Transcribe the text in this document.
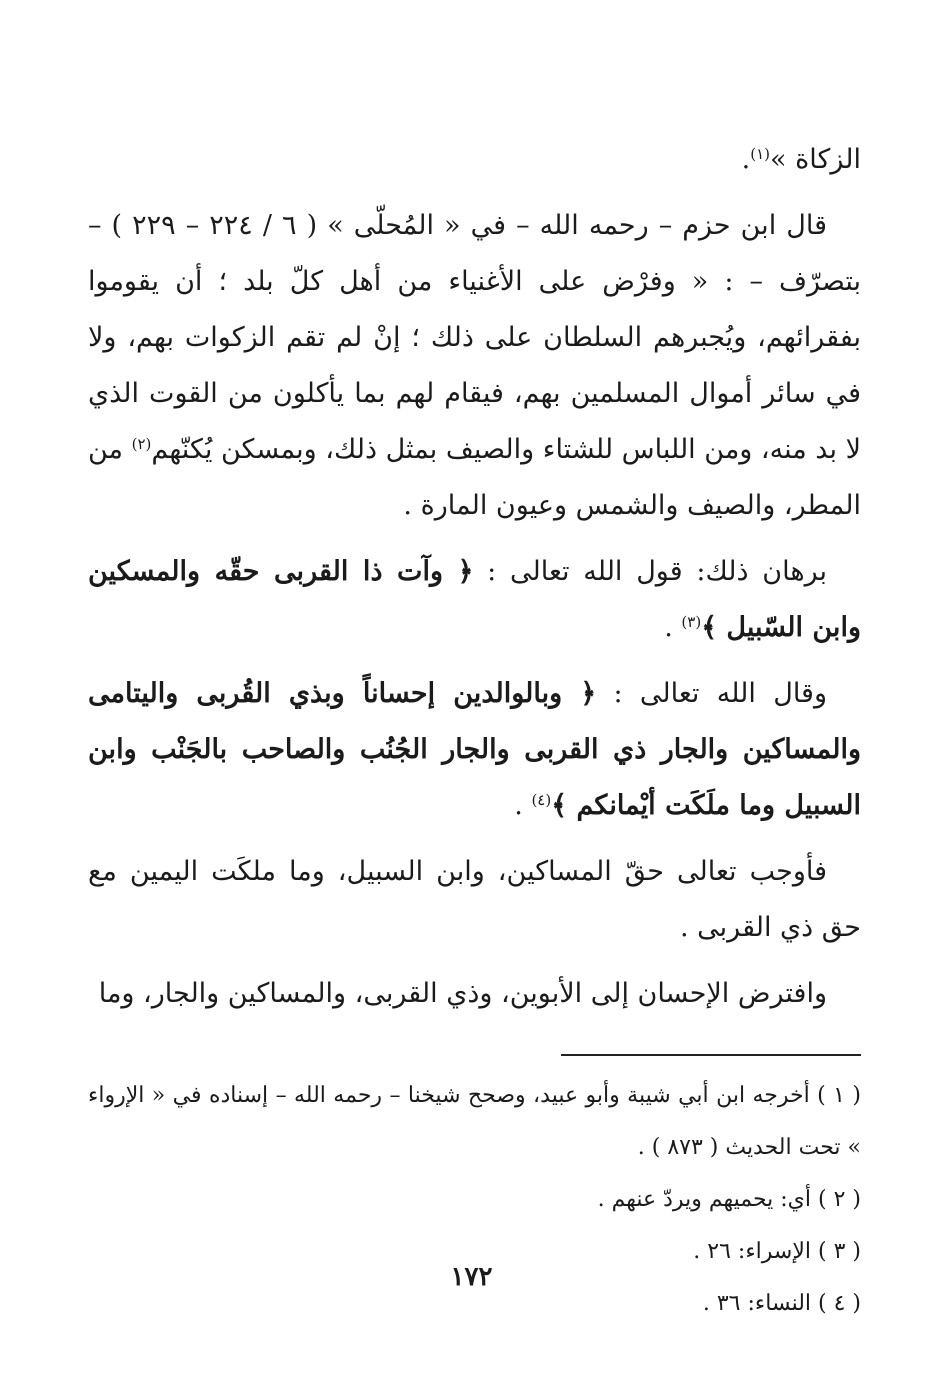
الزكاة »$^{(١)}$.

قال ابن حزم – رحمه الله – في « المُحلّى » ( ٦ / ٢٢٤ – ٢٢٩ ) – بتصرّف – : « وفرْض على الأغنياء من أهل كلّ بلد ؛ أن يقوموا بفقرائهم، ويُجبرهم السلطان على ذلك ؛ إنْ لم تقم الزكوات بهم، ولا في سائر أموال المسلمين بهم، فيقام لهم بما يأكلون من القوت الذي لا بد منه، ومن اللباس للشتاء والصيف بمثل ذلك، وبمسكن يُكنّهم$^{(٢)}$ من المطر، والصيف والشمس وعيون المارة .

برهان ذلك: قول الله تعالى : ﴿ وآت ذا القربى حقّه والمسكين وابن السّبيل ﴾$^{(٣)}$ .

وقال الله تعالى : ﴿ وبالوالدين إحساناً وبذي القُربى واليتامى والمساكين والجار ذي القربى والجار الجُنُب والصاحب بالجَنْب وابن السبيل وما ملَكَت أيْمانكم ﴾$^{(٤)}$ .

فأوجب تعالى حقّ المساكين، وابن السبيل، وما ملكَت اليمين مع حق ذي القربى .

وافترض الإحسان إلى الأبوين، وذي القربى، والمساكين والجار، وما

( ١ ) أخرجه ابن أبي شيبة وأبو عبيد، وصحح شيخنا – رحمه الله – إسناده في « الإرواء » تحت الحديث ( ٨٧٣ ) .

( ٢ ) أي: يحميهم ويردّ عنهم .

( ٣ ) الإسراء: ٢٦ .

( ٤ ) النساء: ٣٦ .

١٧٢
